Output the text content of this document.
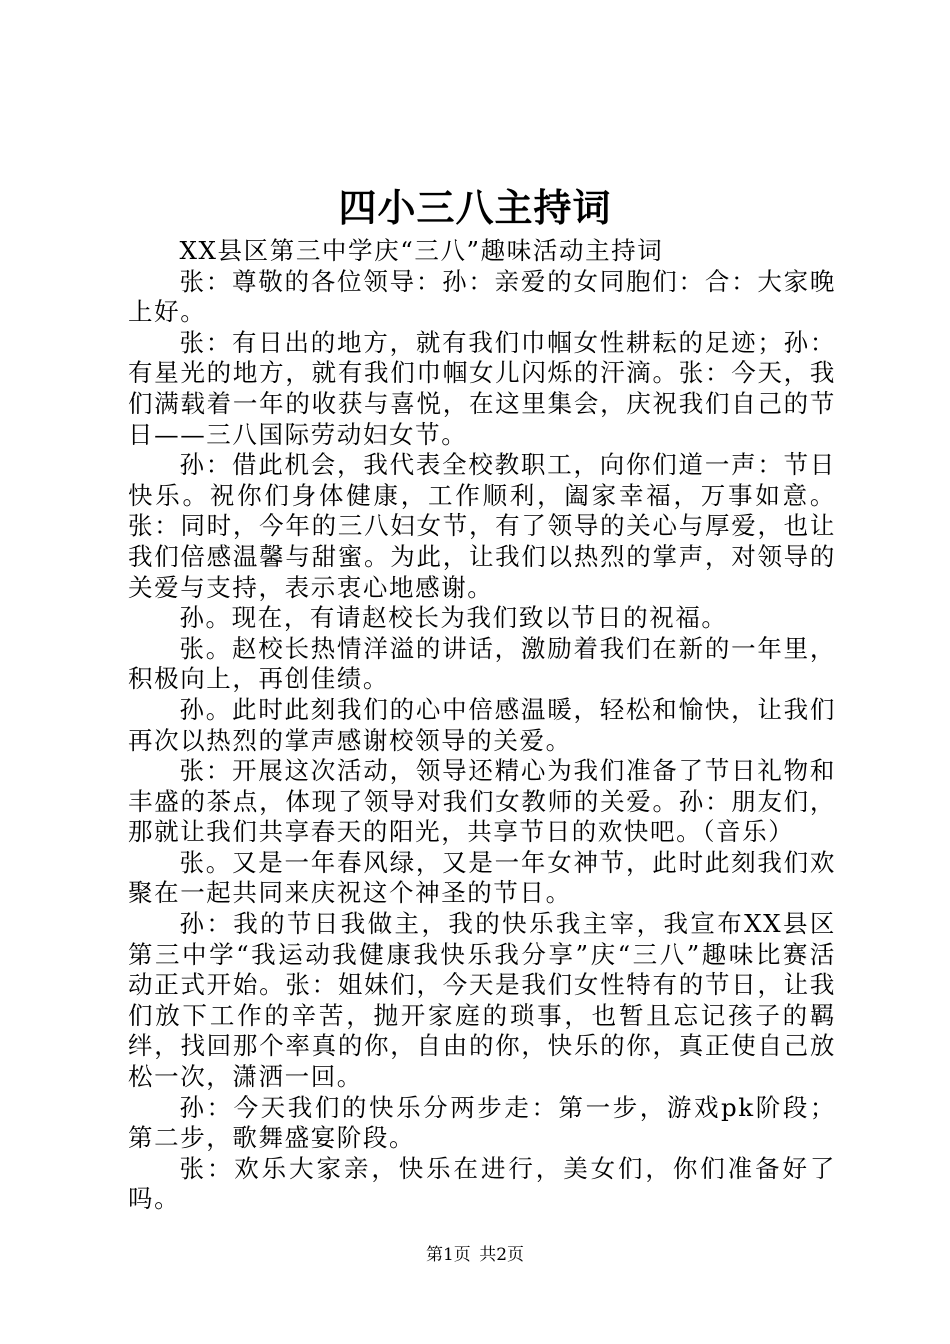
四小三八主持词

XX县区第三中学庆“三八”趣味活动主持词

张：尊敬的各位领导：孙：亲爱的女同胞们：合：大家晚上好。

张：有日出的地方，就有我们巾帼女性耕耘的足迹；孙：有星光的地方，就有我们巾帼女儿闪烁的汗滴。张：今天，我们满载着一年的收获与喜悦，在这里集会，庆祝我们自己的节日——三八国际劳动妇女节。

孙：借此机会，我代表全校教职工，向你们道一声：节日快乐。祝你们身体健康，工作顺利，阖家幸福，万事如意。张：同时，今年的三八妇女节，有了领导的关心与厚爱，也让我们倍感温馨与甜蜜。为此，让我们以热烈的掌声，对领导的关爱与支持，表示衷心地感谢。

孙。现在，有请赵校长为我们致以节日的祝福。

张。赵校长热情洋溢的讲话，激励着我们在新的一年里，积极向上，再创佳绩。

孙。此时此刻我们的心中倍感温暖，轻松和愉快，让我们再次以热烈的掌声感谢校领导的关爱。

张：开展这次活动，领导还精心为我们准备了节日礼物和丰盛的茶点，体现了领导对我们女教师的关爱。孙：朋友们，那就让我们共享春天的阳光，共享节日的欢快吧。（音乐）

张。又是一年春风绿，又是一年女神节，此时此刻我们欢聚在一起共同来庆祝这个神圣的节日。

孙：我的节日我做主，我的快乐我主宰，我宣布XX县区第三中学“我运动我健康我快乐我分享”庆“三八”趣味比赛活动正式开始。张：姐妹们，今天是我们女性特有的节日，让我们放下工作的辛苦，抛开家庭的琐事，也暂且忘记孩子的羁绊，找回那个率真的你，自由的你，快乐的你，真正使自己放松一次，潇洒一回。

孙：今天我们的快乐分两步走：第一步，游戏pk阶段；第二步，歌舞盛宴阶段。

张：欢乐大家亲，快乐在进行，美女们，你们准备好了吗。

第1页 共2页
